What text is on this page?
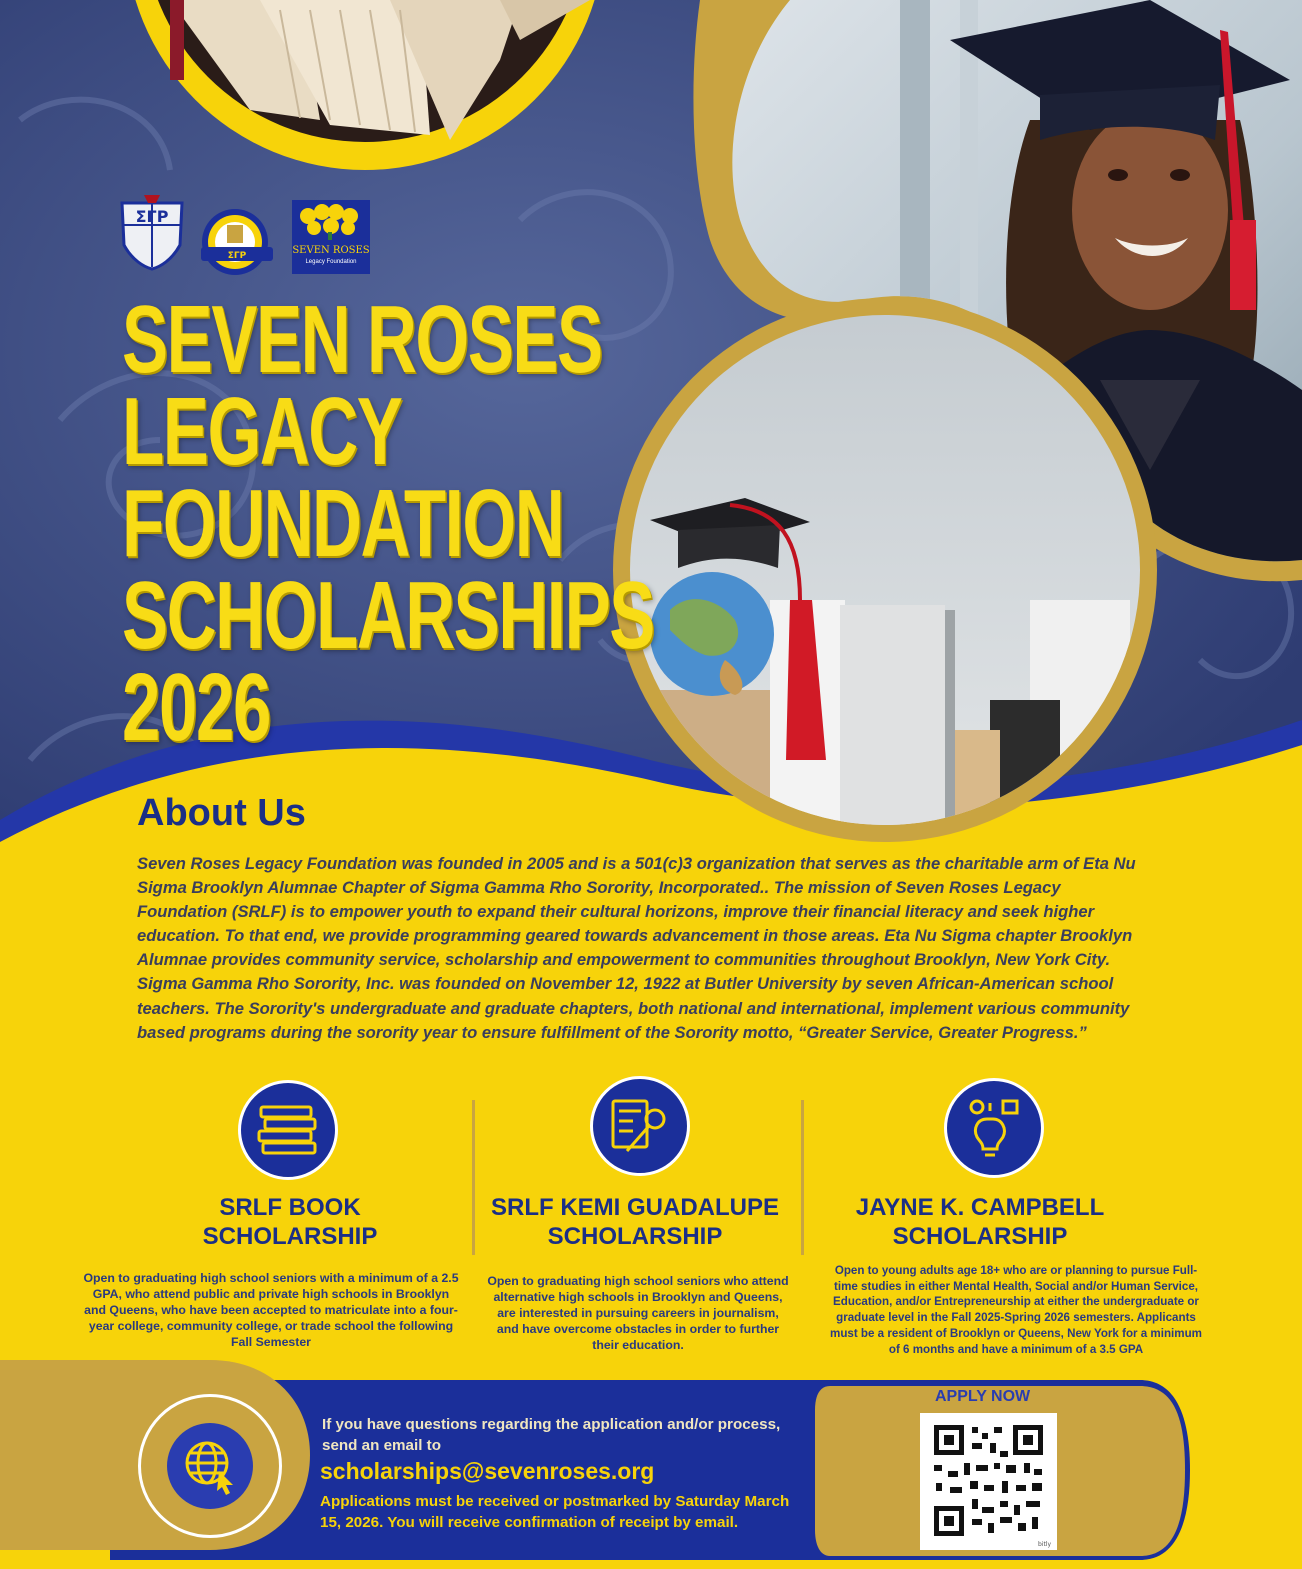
ΣΓΡ
ΣΓΡ	SEVEN ROSES
Legacy Foundation
SEVEN ROSES
LEGACY
FOUNDATION
SCHOLARSHIPS
2026
About Us
Seven Roses Legacy Foundation was founded in 2005 and is a 501(c)3 organization that serves as the charitable arm of Eta Nu Sigma Brooklyn Alumnae Chapter of Sigma Gamma Rho Sorority, Incorporated.. The mission of Seven Roses Legacy Foundation (SRLF) is to empower youth to expand their cultural horizons, improve their financial literacy and seek higher education. To that end, we provide programming geared towards advancement in those areas. Eta Nu Sigma chapter Brooklyn Alumnae provides community service, scholarship and empowerment to communities throughout Brooklyn, New York City. Sigma Gamma Rho Sorority, Inc. was founded on November 12, 1922 at Butler University by seven African-American school teachers. The Sorority's undergraduate and graduate chapters, both national and international, implement various community based programs during the sorority year to ensure fulfillment of the Sorority motto, “Greater Service, Greater Progress.”
SRLF BOOK
SCHOLARSHIP
SRLF KEMI GUADALUPE
SCHOLARSHIP
JAYNE K. CAMPBELL
SCHOLARSHIP
Open to graduating high school seniors with a minimum of a 2.5 GPA, who attend public and private high schools in Brooklyn and Queens, who have been accepted to matriculate into a four-year college, community college, or trade school the following Fall Semester
Open to graduating high school seniors who attend alternative high schools in Brooklyn and Queens, are interested in pursuing careers in journalism, and have overcome obstacles in order to further their education.
Open to young adults age 18+ who are or planning to pursue Full-time studies in either Mental Health, Social and/or Human Service, Education, and/or Entrepreneurship at either the undergraduate or graduate level in the Fall 2025-Spring 2026 semesters. Applicants must be a resident of Brooklyn or Queens, New York for a minimum of 6 months and have a minimum of a 3.5 GPA
If you have questions regarding the application and/or process, send an email to
scholarships@sevenroses.org
Applications must be received or postmarked by Saturday March 15, 2026. You will receive confirmation of receipt by email.
APPLY NOW
bitly
